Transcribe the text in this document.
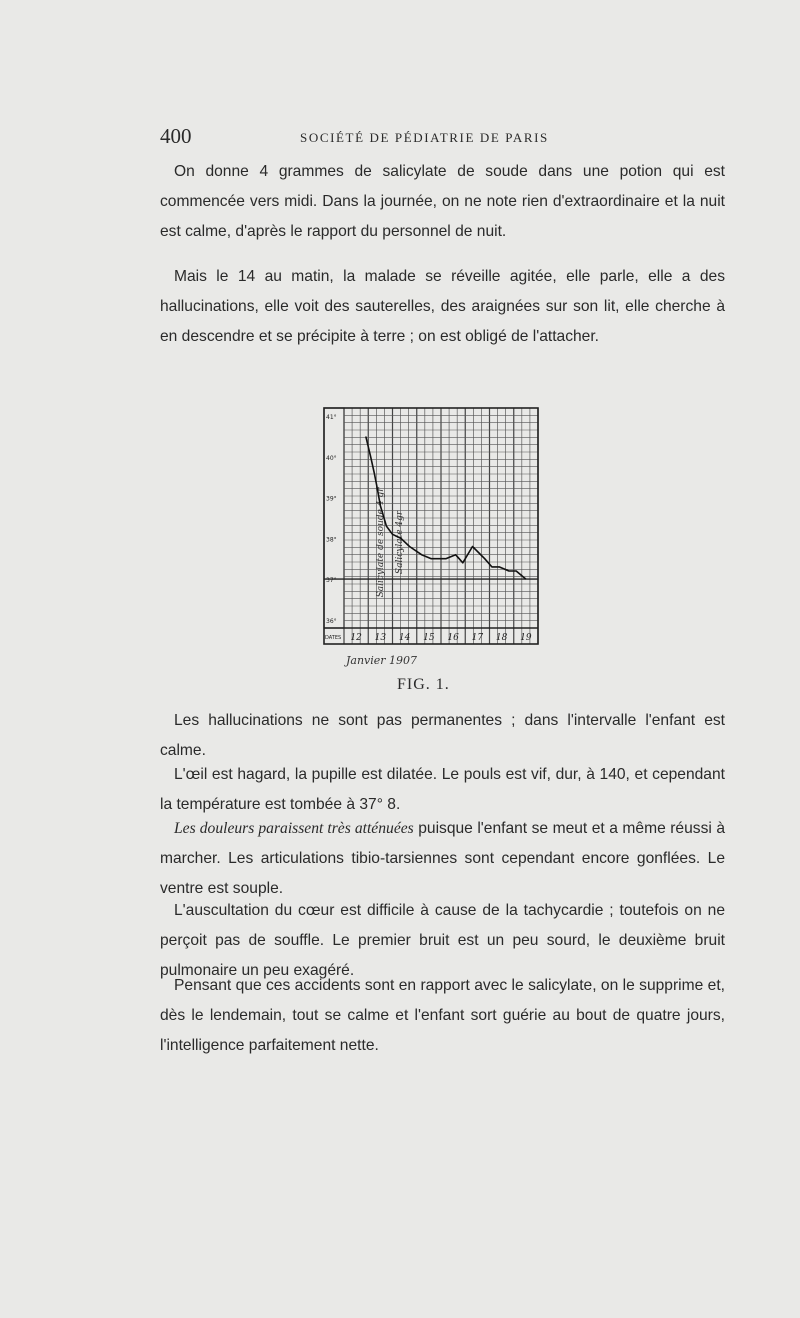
400	SOCIÉTÉ DE PÉDIATRIE DE PARIS

On donne 4 grammes de salicylate de soude dans une potion qui est commencée vers midi. Dans la journée, on ne note rien d'extraordinaire et la nuit est calme, d'après le rapport du personnel de nuit.

Mais le 14 au matin, la malade se réveille agitée, elle parle, elle a des hallucinations, elle voit des sauterelles, des araignées sur son lit, elle cherche à en descendre et se précipite à terre ; on est obligé de l'attacher.

41°
40°
39°
38°
37°
36°
DATES 12 13 14 15 16 17 18 19
Salicylate de soude 4 gr Salicylate 4gr
Janvier 1907
FIG. 1.

Les hallucinations ne sont pas permanentes ; dans l'intervalle l'enfant est calme.

L'œil est hagard, la pupille est dilatée. Le pouls est vif, dur, à 140, et cependant la température est tombée à 37° 8.

Les douleurs paraissent très atténuées puisque l'enfant se meut et a même réussi à marcher. Les articulations tibio-tarsiennes sont cependant encore gonflées. Le ventre est souple.

L'auscultation du cœur est difficile à cause de la tachycardie ; toutefois on ne perçoit pas de souffle. Le premier bruit est un peu sourd, le deuxième bruit pulmonaire un peu exagéré.

Pensant que ces accidents sont en rapport avec le salicylate, on le supprime et, dès le lendemain, tout se calme et l'enfant sort guérie au bout de quatre jours, l'intelligence parfaitement nette.
